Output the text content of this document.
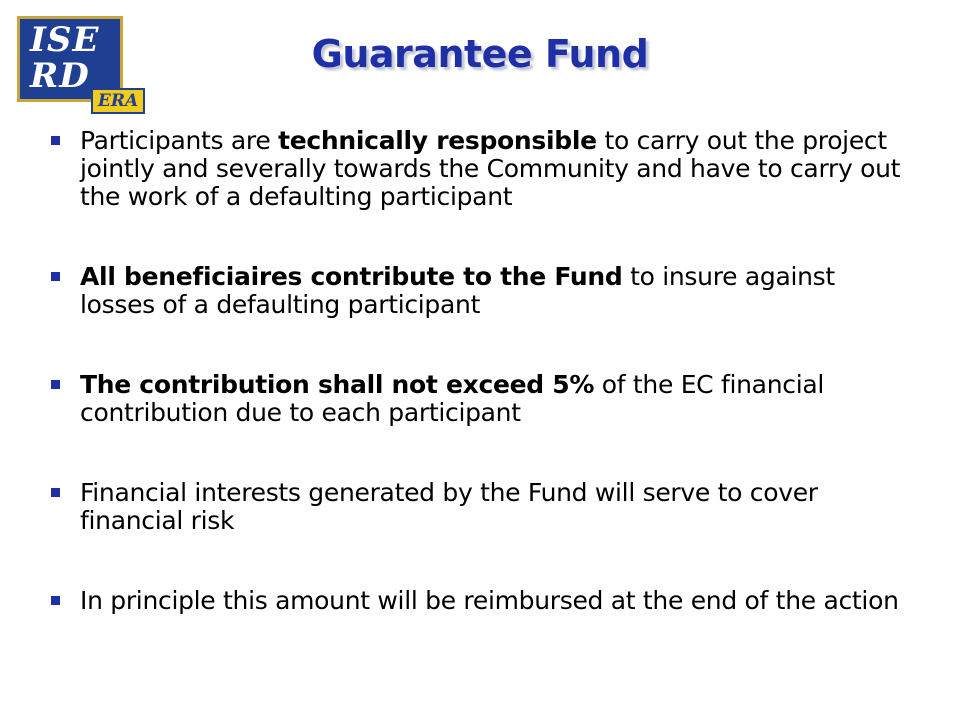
ISE
RD
ERA
Guarantee Fund
Participants are technically responsible to carry out the project jointly and severally towards the Community and have to carry out the work of a defaulting participant
All beneficiaires contribute to the Fund to insure against losses of a defaulting participant
The contribution shall not exceed 5% of the EC financial contribution due to each participant
Financial interests generated by the Fund will serve to cover financial risk
In principle this amount will be reimbursed at the end of the action
